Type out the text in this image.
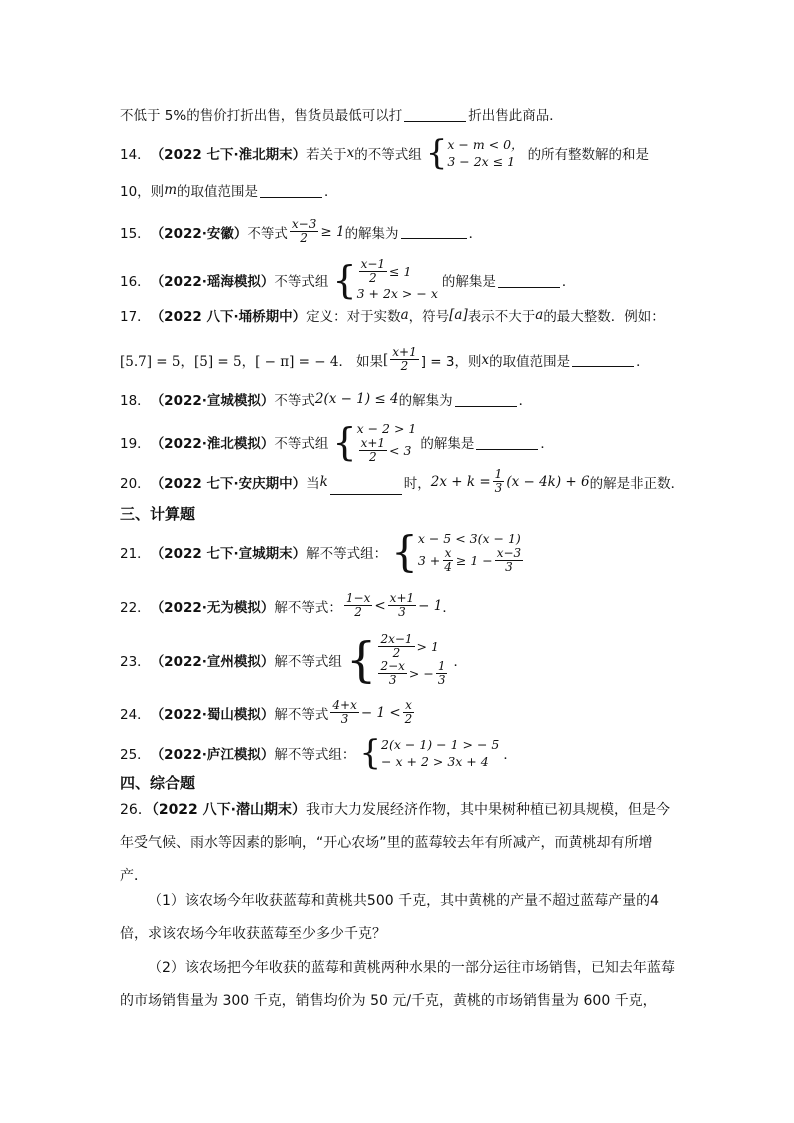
不低于 5%的售价打折出售，售货员最低可以打	折出售此商品．
14． （2022 七下·淮北期末） 若关于 x 的不等式组 { x − m < 0，
3 − 2x ≤ 1 的所有整数解的和是
10，则 m 的取值范围是	．
15． （2022·安徽） 不等式 $\frac{x-3}{2} \ge 1$ 的解集为	．
16． （2022·瑶海模拟） 不等式组 { $\frac{x-1}{2} \le 1$
3 + 2x > − x
的解集是	．
17． （2022 八下·埇桥期中） 定义：对于实数 a ，符号 [a] 表示不大于 a 的最大整数．例如：
[5.7] = 5，[5] = 5，[ − π] = − 4． 如果 [ $\frac{x+1}{2}$ ] = 3，则 x 的取值范围是	．
18． （2022·宣城模拟） 不等式 2(x − 1) ≤ 4 的解集为	．
19． （2022·淮北模拟） 不等式组 { x − 2 > 1
$\frac{x+1}{2} < 3$ 的解集是	．
20． （2022 七下·安庆期中） 当 k	时， $2x + k = \frac{1}{3} (x - 4k) + 6$ 的解是非正数．
三、计算题
21． （2022 七下·宣城期末） 解不等式组： { x − 5 < 3(x − 1)
$3 + \frac{x}{4} \ge 1 - \frac{x-3}{3}$
22． （2022·无为模拟） 解不等式： $\frac{1-x}{2} < \frac{x+1}{3} - 1$ ．
23． （2022·宣州模拟） 解不等式组 { $\frac{2x-1}{2} > 1$
$\frac{2-x}{3}$ > − $\frac{1}{3}$ ．
24． （2022·蜀山模拟） 解不等式 $\frac{4+x}{3} - 1 < \frac{x}{2}$
25． （2022·庐江模拟） 解不等式组： { 2(x − 1) − 1 > − 5
− x + 2 > 3x + 4	．
四、综合题
26．（2022 八下·潜山期末）我市大力发展经济作物，其中果树种植已初具规模，但是今年受气候、雨水等因素的影响，“开心农场”里的蓝莓较去年有所减产，而黄桃却有所增产．
（1）该农场今年收获蓝莓和黄桃共500 千克，其中黄桃的产量不超过蓝莓产量的4倍，求该农场今年收获蓝莓至少多少千克？
（2）该农场把今年收获的蓝莓和黄桃两种水果的一部分运往市场销售，已知去年蓝莓的市场销售量为 300 千克，销售均价为 50 元/千克，黄桃的市场销售量为 600 千克，
